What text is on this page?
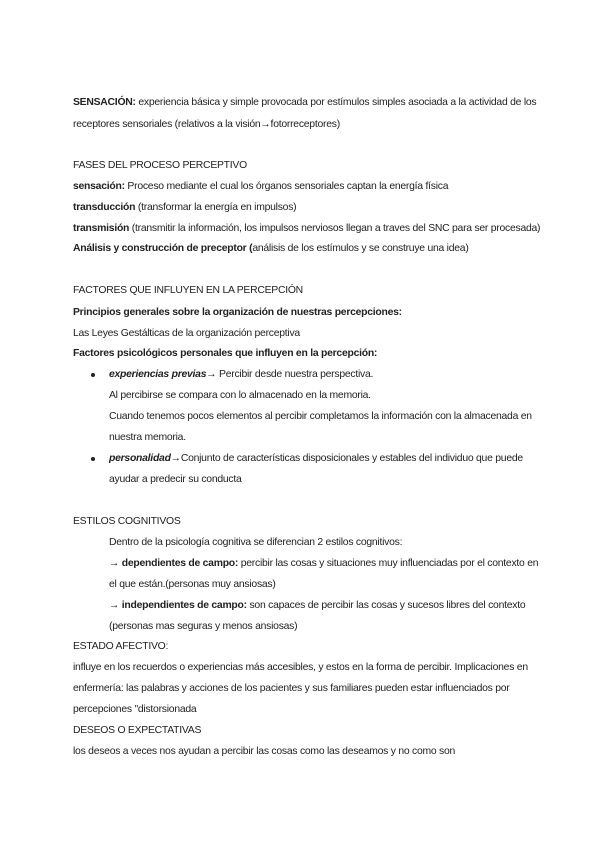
SENSACIÓN: experiencia básica y simple provocada por estímulos simples asociada a la actividad de los
receptores sensoriales (relativos a la visión→fotorreceptores)
FASES DEL PROCESO PERCEPTIVO
sensación: Proceso mediante el cual los órganos sensoriales captan la energía física
transducción (transformar la energía en impulsos)
transmisión (transmitir la información, los impulsos nerviosos llegan a traves del SNC para ser procesada)
Análisis y construcción de preceptor (análisis de los estímulos y se construye una idea)
FACTORES QUE INFLUYEN EN LA PERCEPCIÓN
Principios generales sobre la organización de nuestras percepciones:
Las Leyes Gestálticas de la organización perceptiva
Factores psicológicos personales que influyen en la percepción:
experiencias previas→ Percibir desde nuestra perspectiva.
Al percibirse se compara con lo almacenado en la memoria.
Cuando tenemos pocos elementos al percibir completamos la información con la almacenada en
nuestra memoria.
personalidad→Conjunto de características disposicionales y estables del individuo que puede
ayudar a predecir su conducta
ESTILOS COGNITIVOS
Dentro de la psicología cognitiva se diferencian 2 estilos cognitivos:
→ dependientes de campo: percibir las cosas y situaciones muy influenciadas por el contexto en
el que están.(personas muy ansiosas)
→ independientes de campo: son capaces de percibir las cosas y sucesos libres del contexto
(personas mas seguras y menos ansiosas)
ESTADO AFECTIVO:
influye en los recuerdos o experiencias más accesibles, y estos en la forma de percibir. Implicaciones en
enfermería: las palabras y acciones de los pacientes y sus familiares pueden estar influenciados por
percepciones "distorsionada
DESEOS O EXPECTATIVAS
los deseos a veces nos ayudan a percibir las cosas como las deseamos y no como son
